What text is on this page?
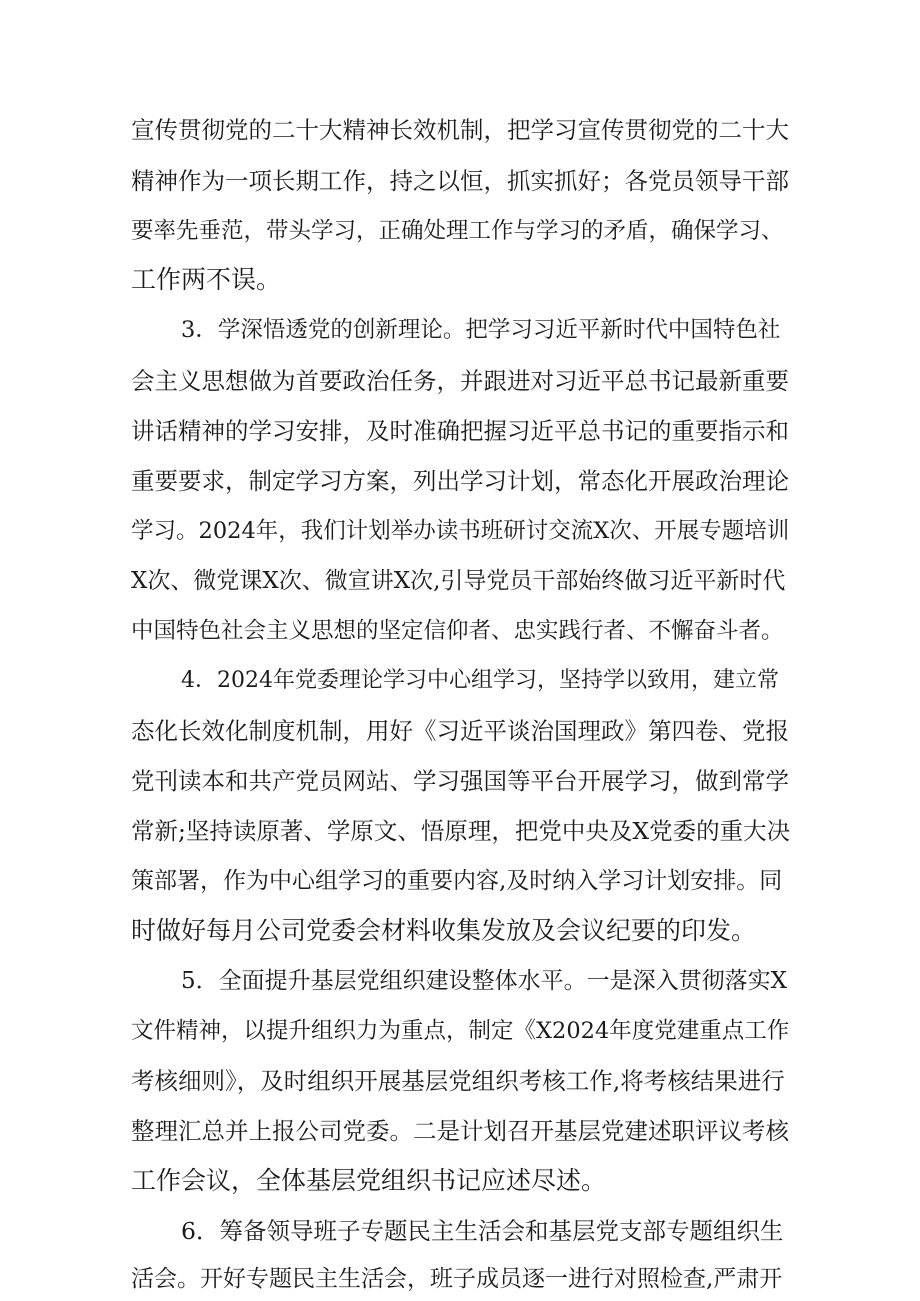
宣传贯彻党的二十大精神长效机制，把学习宣传贯彻党的二十大
精神作为一项长期工作，持之以恒，抓实抓好；各党员领导干部
要率先垂范，带头学习，正确处理工作与学习的矛盾，确保学习、
工作两不误。
3．学深悟透党的创新理论。把学习习近平新时代中国特色社
会主义思想做为首要政治任务，并跟进对习近平总书记最新重要
讲话精神的学习安排，及时准确把握习近平总书记的重要指示和
重要要求，制定学习方案，列出学习计划，常态化开展政治理论
学习。2024年，我们计划举办读书班研讨交流X次、开展专题培训
X次、微党课X次、微宣讲X次,引导党员干部始终做习近平新时代
中国特色社会主义思想的坚定信仰者、忠实践行者、不懈奋斗者。
4．2024年党委理论学习中心组学习，坚持学以致用，建立常
态化长效化制度机制，用好《习近平谈治国理政》第四卷、党报
党刊读本和共产党员网站、学习强国等平台开展学习，做到常学
常新;坚持读原著、学原文、悟原理，把党中央及X党委的重大决
策部署，作为中心组学习的重要内容,及时纳入学习计划安排。同
时做好每月公司党委会材料收集发放及会议纪要的印发。
5．全面提升基层党组织建设整体水平。一是深入贯彻落实X
文件精神，以提升组织力为重点，制定《X2024年度党建重点工作
考核细则》，及时组织开展基层党组织考核工作,将考核结果进行
整理汇总并上报公司党委。二是计划召开基层党建述职评议考核
工作会议，全体基层党组织书记应述尽述。
6．筹备领导班子专题民主生活会和基层党支部专题组织生
活会。开好专题民主生活会，班子成员逐一进行对照检查,严肃开
